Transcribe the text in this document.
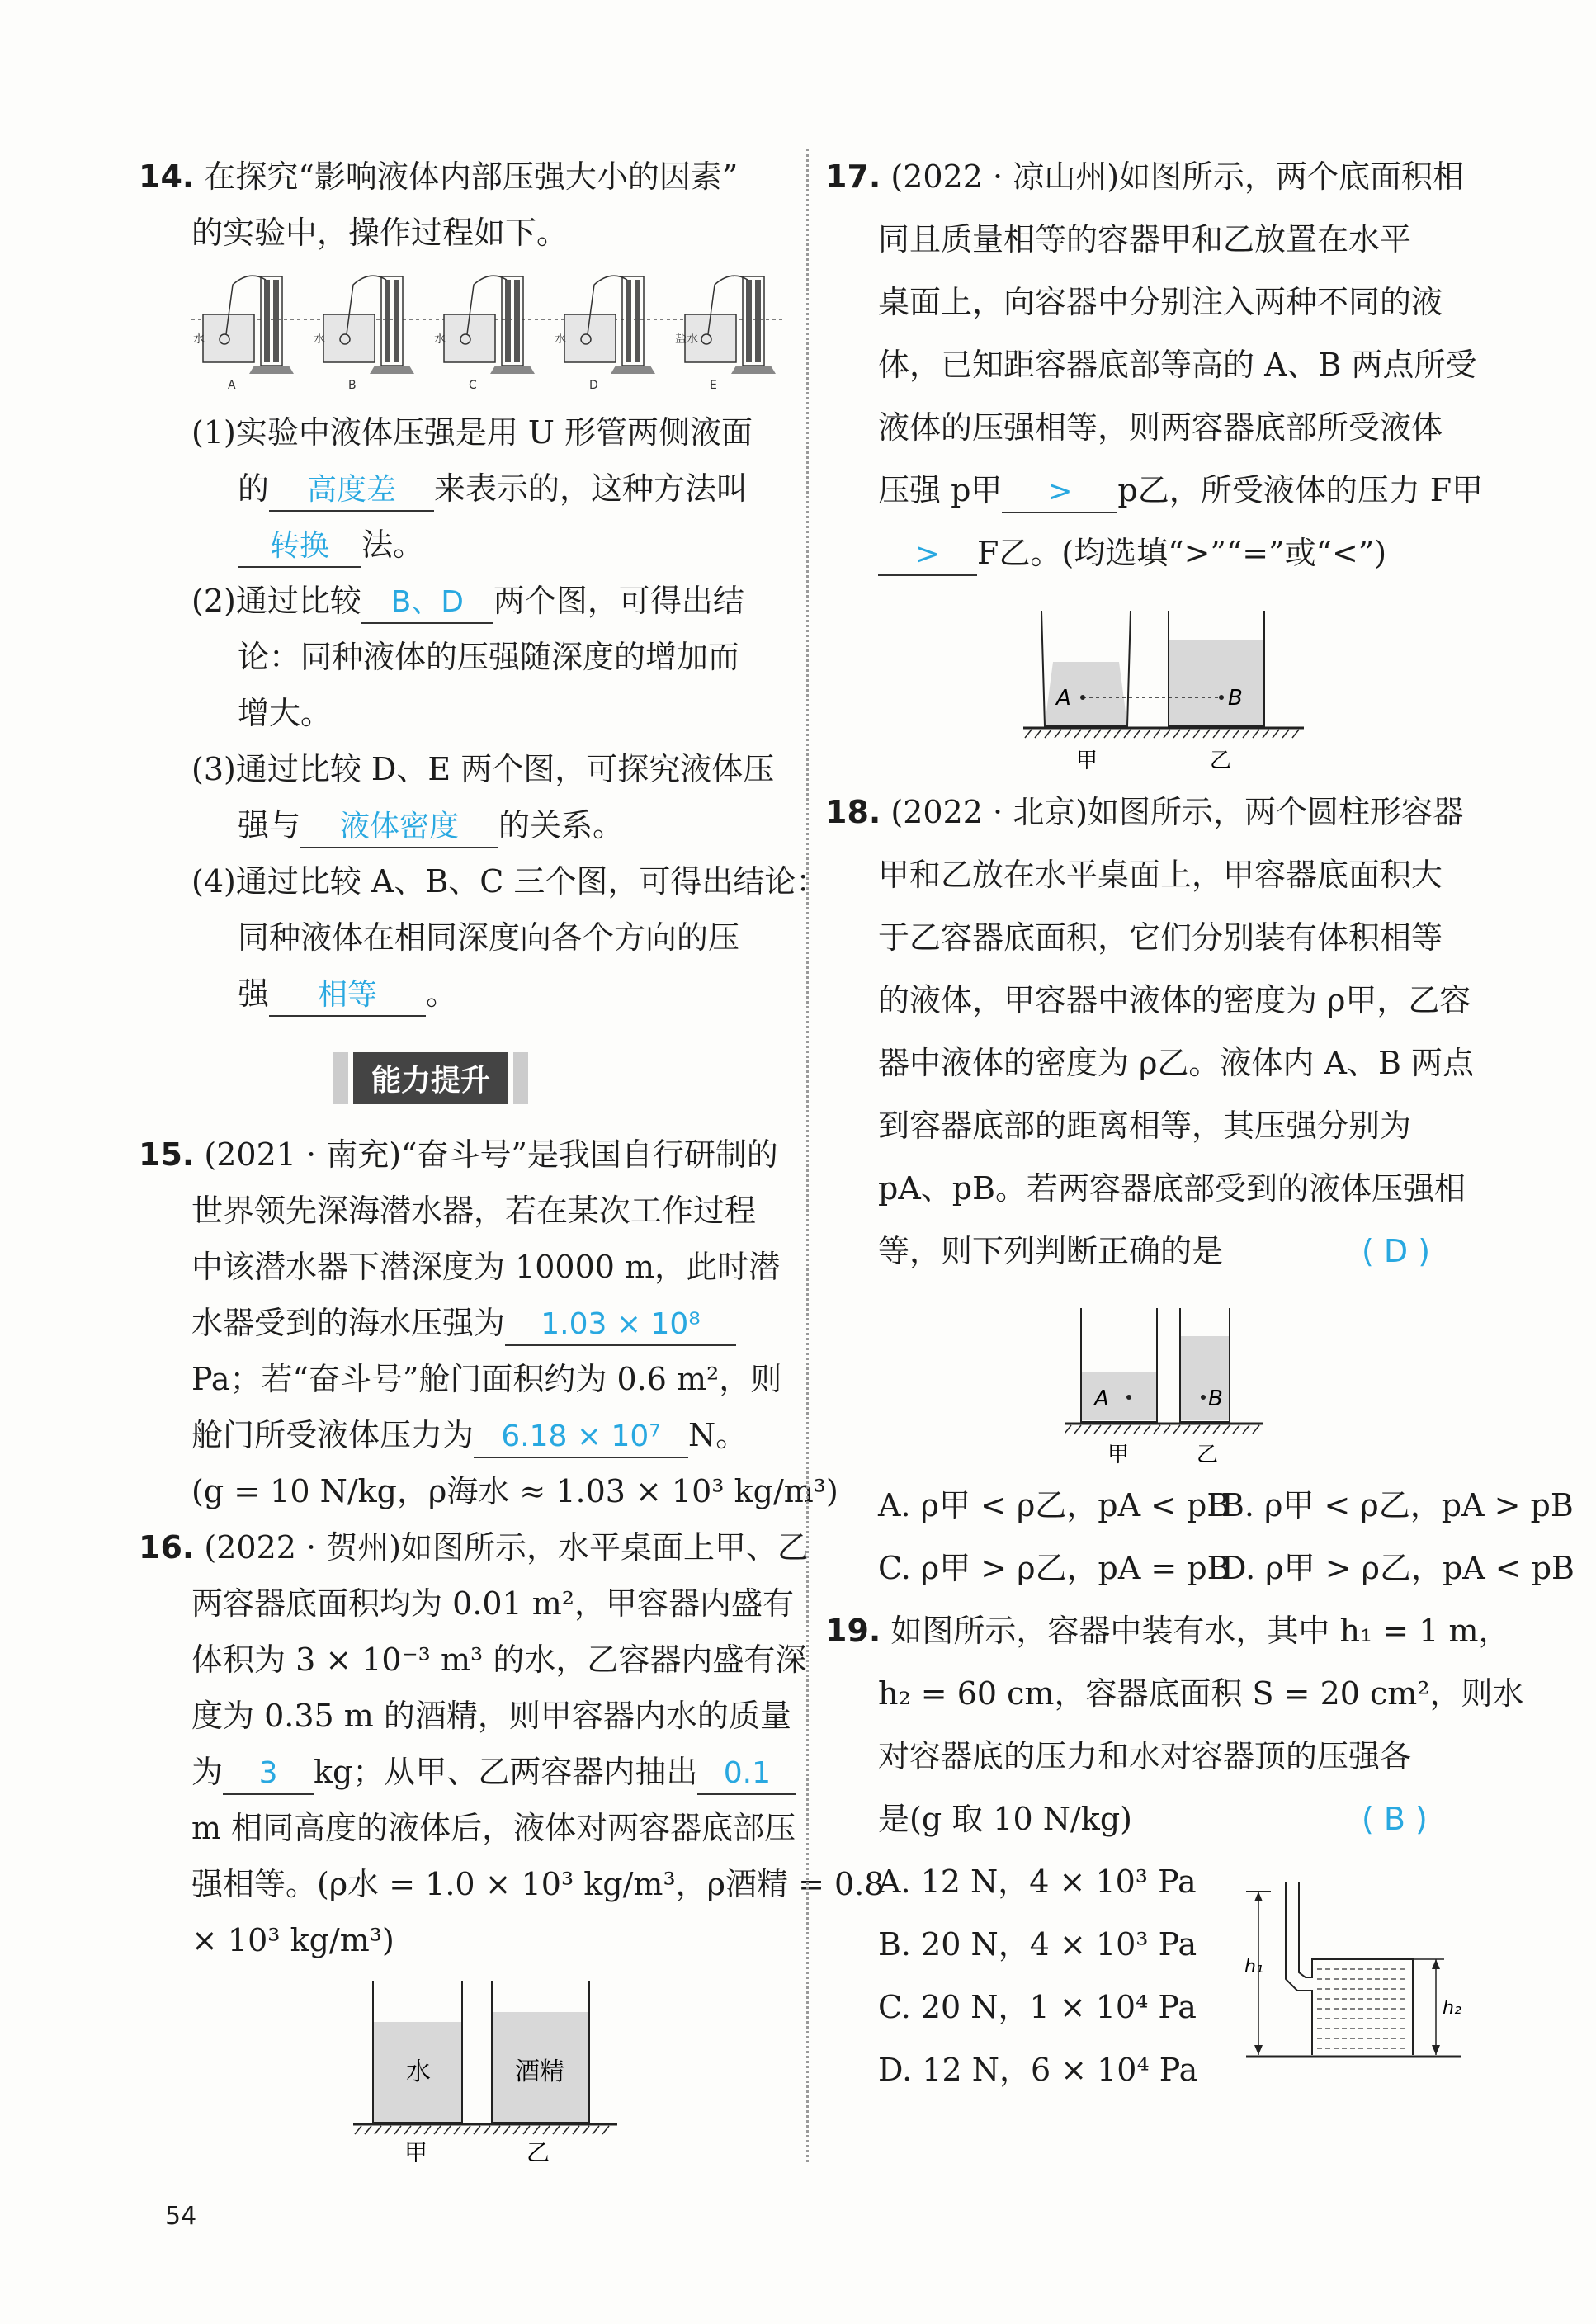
14. 在探究“影响液体内部压强大小的因素”
的实验中，操作过程如下。
A
水
B
水
C
水
D
水
E
盐水
(1)实验中液体压强是用 U 形管两侧液面
的 高度差 来表示的，这种方法叫
转换 法。
(2)通过比较 B、D 两个图，可得出结
论：同种液体的压强随深度的增加而
增大。
(3)通过比较 D、E 两个图，可探究液体压
强与 液体密度 的关系。
(4)通过比较 A、B、C 三个图，可得出结论：
同种液体在相同深度向各个方向的压
强 相等 。
能力提升
15. (2021 · 南充)“奋斗号”是我国自行研制的
世界领先深海潜水器，若在某次工作过程
中该潜水器下潜深度为 10000 m，此时潜
水器受到的海水压强为 1.03 × 10⁸
Pa；若“奋斗号”舱门面积约为 0.6 m²，则
舱门所受液体压力为 6.18 × 10⁷ N。
(g = 10 N/kg，ρ海水 ≈ 1.03 × 10³ kg/m³)
16. (2022 · 贺州)如图所示，水平桌面上甲、乙
两容器底面积均为 0.01 m²，甲容器内盛有
体积为 3 × 10⁻³ m³ 的水，乙容器内盛有深
度为 0.35 m 的酒精，则甲容器内水的质量
为 3 kg；从甲、乙两容器内抽出 0.1
m 相同高度的液体后，液体对两容器底部压
强相等。(ρ水 = 1.0 × 10³ kg/m³，ρ酒精 = 0.8
× 10³ kg/m³)
水	酒精
甲	乙
17. (2022 · 凉山州)如图所示，两个底面积相
同且质量相等的容器甲和乙放置在水平
桌面上，向容器中分别注入两种不同的液
体，已知距容器底部等高的 A、B 两点所受
液体的压强相等，则两容器底部所受液体
压强 p甲 > p乙，所受液体的压力 F甲
> F乙。(均选填“>”“=”或“<”)
A	B
甲	乙
18. (2022 · 北京)如图所示，两个圆柱形容器
甲和乙放在水平桌面上，甲容器底面积大
于乙容器底面积，它们分别装有体积相等
的液体，甲容器中液体的密度为 ρ甲，乙容
器中液体的密度为 ρ乙。液体内 A、B 两点
到容器底部的距离相等，其压强分别为
pA、pB。若两容器底部受到的液体压强相
等，则下列判断正确的是	( D )
A	B
甲	乙
A. ρ甲 < ρ乙，pA < pB
B. ρ甲 < ρ乙，pA > pB
C. ρ甲 > ρ乙，pA = pB
D. ρ甲 > ρ乙，pA < pB
19. 如图所示，容器中装有水，其中 h₁ = 1 m，
h₂ = 60 cm，容器底面积 S = 20 cm²，则水
对容器底的压力和水对容器顶的压强各
是(g 取 10 N/kg)	( B )
A. 12 N，4 × 10³ Pa
B. 20 N，4 × 10³ Pa
C. 20 N，1 × 10⁴ Pa
D. 12 N，6 × 10⁴ Pa
h₁
h₂
54
